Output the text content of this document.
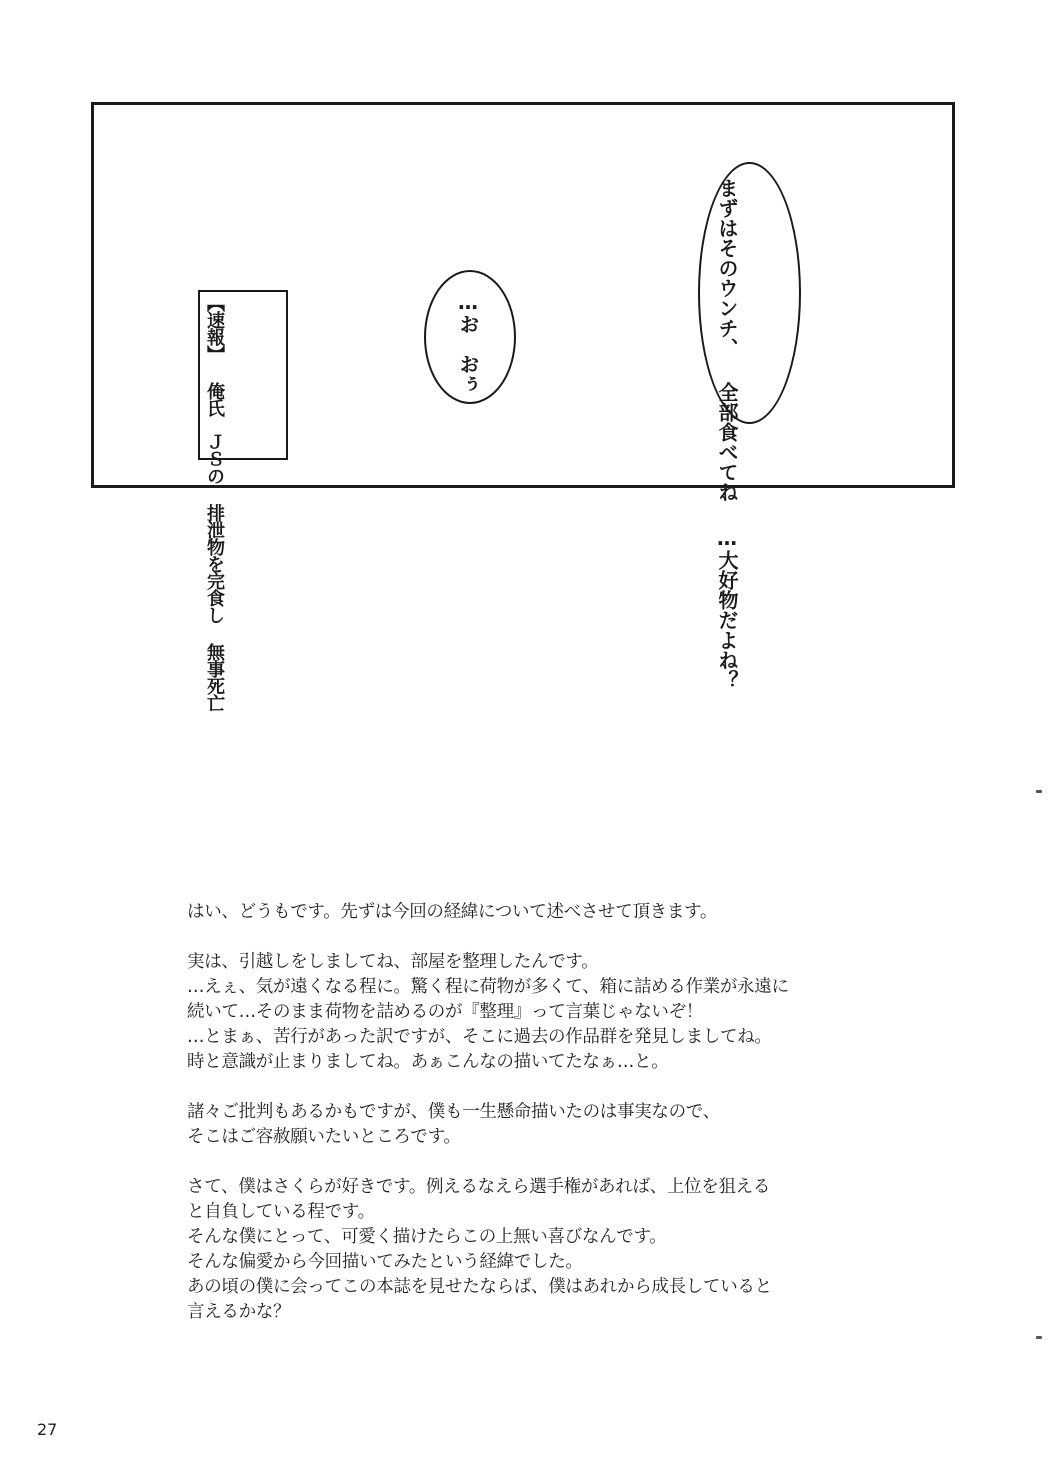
まずはそのウンチ、 全部食べてね …大好物だよね？
…お　おぅ
【速報】 俺氏　ＪＳの 排泄物を完食し 無事死亡

はい、どうもです。先ずは今回の経緯について述べさせて頂きます。

実は、引越しをしましてね、部屋を整理したんです。
…えぇ、気が遠くなる程に。驚く程に荷物が多くて、箱に詰める作業が永遠に
続いて…そのまま荷物を詰めるのが『整理』って言葉じゃないぞ！
…とまぁ、苦行があった訳ですが、そこに過去の作品群を発見しましてね。
時と意識が止まりましてね。あぁこんなの描いてたなぁ…と。

諸々ご批判もあるかもですが、僕も一生懸命描いたのは事実なので、
そこはご容赦願いたいところです。

さて、僕はさくらが好きです。例えるなえら選手権があれば、上位を狙える
と自負している程です。
そんな僕にとって、可愛く描けたらこの上無い喜びなんです。
そんな偏愛から今回描いてみたという経緯でした。
あの頃の僕に会ってこの本誌を見せたならば、僕はあれから成長していると
言えるかな？

27
